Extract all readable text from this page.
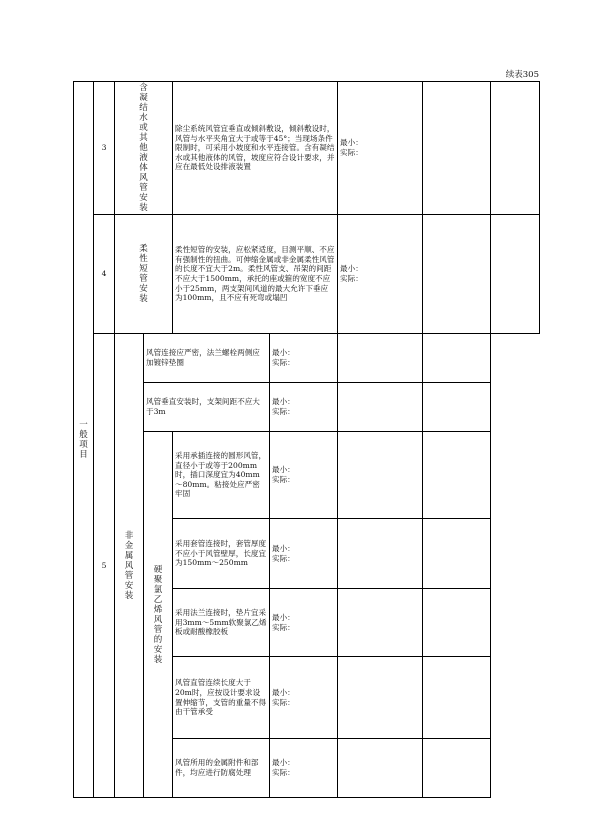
续表305
一般项目	3	含凝结水或其他液体风管安装		除尘系统风管宜垂直或倾斜敷设，倾斜敷设时，风管与水平夹角宜大于或等于45°；当现场条件限制时，可采用小坡度和水平连接管。含有凝结水或其他液体的风管，坡度应符合设计要求，并应在最低处设排液装置		最小：
实际：		

	4	柔性短管安装		柔性短管的安装，应松紧适度，目测平顺、不应有强制性的扭曲。可伸缩金属或非金属柔性风管的长度不宜大于2m。柔性风管支、吊架的间距不应大于1500mm，承托的座或箍的宽度不应小于25mm，两支架间风道的最大允许下垂应为100mm，且不应有死弯或塌凹		最小：
实际：		

	5	非金属风管安装	风管连接应严密，法兰螺栓两侧应加镀锌垫圈		最小：
实际：			

			风管垂直安装时，支架间距不应大于3m		最小：
实际：			

			硬聚氯乙烯风管的安装	采用承插连接的圆形风管，直径小于或等于200mm时，插口深度宜为40mm～80mm。粘接处应严密牢固	最小：
实际：			

				采用套管连接时，套管厚度不应小于风管壁厚，长度宜为150mm～250mm	最小：
实际：			

				采用法兰连接时，垫片宜采用3mm～5mm软聚氯乙烯板或耐酸橡胶板	最小：
实际：			

				风管直管连续长度大于20m时，应按设计要求设置伸缩节，支管的重量不得由干管承受	最小：
实际：			

				风管所用的金属附件和部件，均应进行防腐处理	最小：
实际：			
